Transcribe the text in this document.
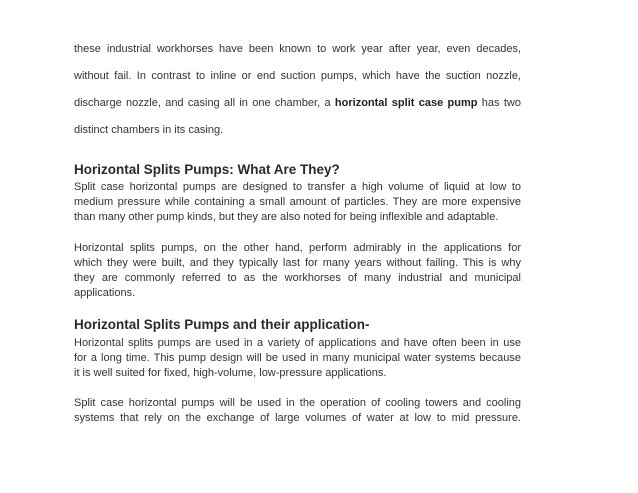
these industrial workhorses have been known to work year after year, even decades,
without fail. In contrast to inline or end suction pumps, which have the suction nozzle,
discharge nozzle, and casing all in one chamber, a horizontal split case pump has two
distinct chambers in its casing.
Horizontal Splits Pumps: What Are They?
Split case horizontal pumps are designed to transfer a high volume of liquid at low to
medium pressure while containing a small amount of particles. They are more expensive
than many other pump kinds, but they are also noted for being inflexible and adaptable.
Horizontal splits pumps, on the other hand, perform admirably in the applications for
which they were built, and they typically last for many years without failing. This is why
they are commonly referred to as the workhorses of many industrial and municipal
applications.
Horizontal Splits Pumps and their application-
Horizontal splits pumps are used in a variety of applications and have often been in use
for a long time. This pump design will be used in many municipal water systems because
it is well suited for fixed, high-volume, low-pressure applications.
Split case horizontal pumps will be used in the operation of cooling towers and cooling
systems that rely on the exchange of large volumes of water at low to mid pressure.
